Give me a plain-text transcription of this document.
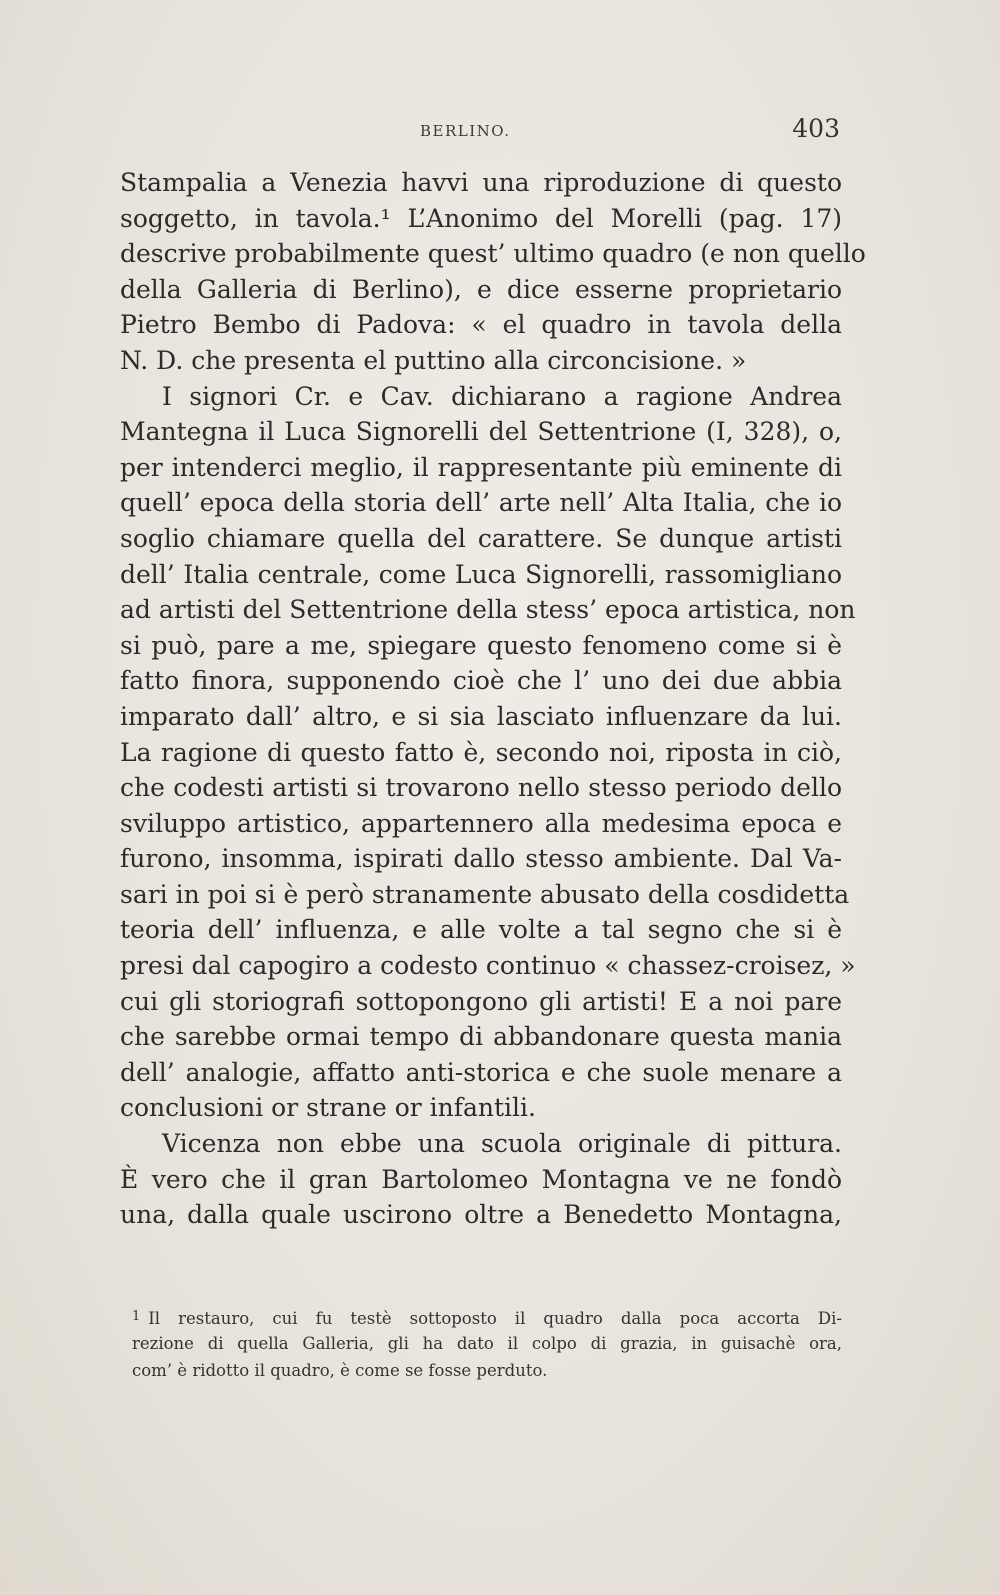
BERLINO.	403
Stampalia a Venezia havvi una riproduzione di questo
soggetto, in tavola.¹ L’Anonimo del Morelli (pag. 17)
descrive probabilmente quest’ ultimo quadro (e non quello
della Galleria di Berlino), e dice esserne proprietario
Pietro Bembo di Padova: « el quadro in tavola della
N. D. che presenta el puttino alla circoncisione. »
I signori Cr. e Cav. dichiarano a ragione Andrea
Mantegna il Luca Signorelli del Settentrione (I, 328), o,
per intenderci meglio, il rappresentante più eminente di
quell’ epoca della storia dell’ arte nell’ Alta Italia, che io
soglio chiamare quella del carattere. Se dunque artisti
dell’ Italia centrale, come Luca Signorelli, rassomigliano
ad artisti del Settentrione della stess’ epoca artistica, non
si può, pare a me, spiegare questo fenomeno come si è
fatto finora, supponendo cioè che l’ uno dei due abbia
imparato dall’ altro, e si sia lasciato influenzare da lui.
La ragione di questo fatto è, secondo noi, riposta in ciò,
che codesti artisti si trovarono nello stesso periodo dello
sviluppo artistico, appartennero alla medesima epoca e
furono, insomma, ispirati dallo stesso ambiente. Dal Va-
sari in poi si è però stranamente abusato della cosdidetta
teoria dell’ influenza, e alle volte a tal segno che si è
presi dal capogiro a codesto continuo « chassez-croisez, »
cui gli storiografi sottopongono gli artisti! E a noi pare
che sarebbe ormai tempo di abbandonare questa mania
dell’ analogie, affatto anti-storica e che suole menare a
conclusioni or strane or infantili.
Vicenza non ebbe una scuola originale di pittura.
È vero che il gran Bartolomeo Montagna ve ne fondò
una, dalla quale uscirono oltre a Benedetto Montagna,
$^1$ Il restauro, cui fu testè sottoposto il quadro dalla poca accorta Di-
rezione di quella Galleria, gli ha dato il colpo di grazia, in guisachè ora,
com’ è ridotto il quadro, è come se fosse perduto.
